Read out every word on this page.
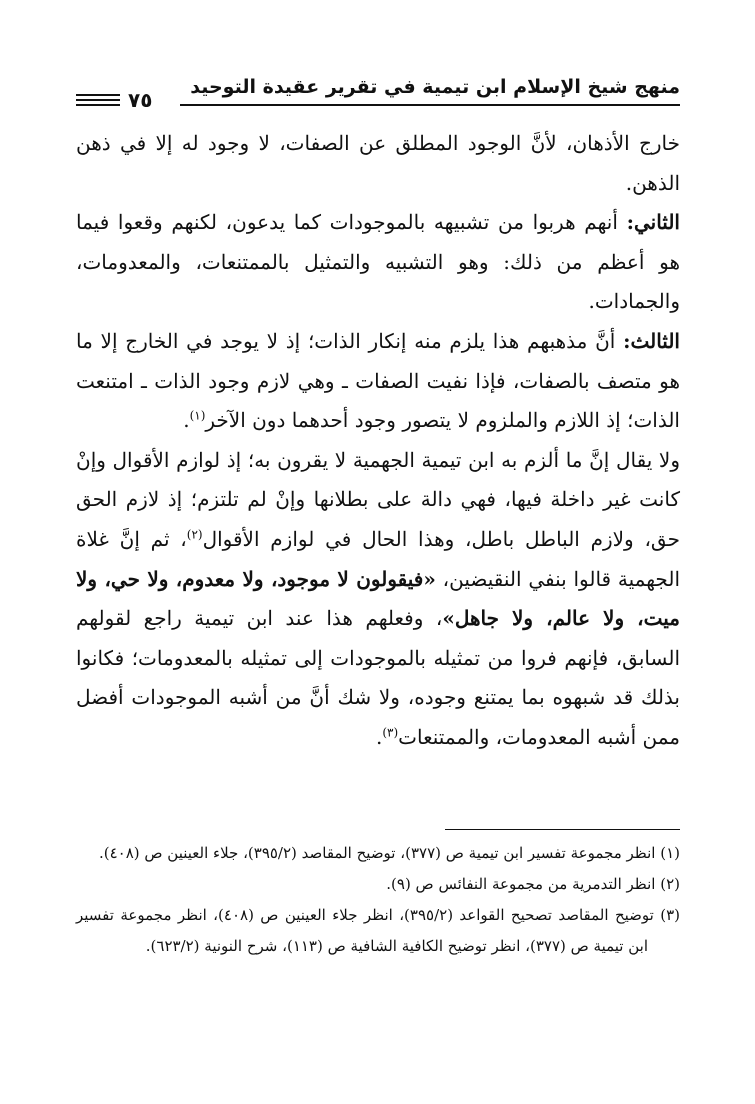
منهج شيخ الإسلام ابن تيمية في تقرير عقيدة التوحيد
٧٥

خارج الأذهان، لأنَّ الوجود المطلق عن الصفات، لا وجود له إلا في ذهن الذهن.

الثاني: أنهم هربوا من تشبيهه بالموجودات كما يدعون، لكنهم وقعوا فيما هو أعظم من ذلك: وهو التشبيه والتمثيل بالممتنعات، والمعدومات، والجمادات.

الثالث: أنَّ مذهبهم هذا يلزم منه إنكار الذات؛ إذ لا يوجد في الخارج إلا ما هو متصف بالصفات، فإذا نفيت الصفات ـ وهي لازم وجود الذات ـ امتنعت الذات؛ إذ اللازم والملزوم لا يتصور وجود أحدهما دون الآخر$^{(١)}$.

ولا يقال إنَّ ما ألزم به ابن تيمية الجهمية لا يقرون به؛ إذ لوازم الأقوال وإنْ كانت غير داخلة فيها، فهي دالة على بطلانها وإنْ لم تلتزم؛ إذ لازم الحق حق، ولازم الباطل باطل، وهذا الحال في لوازم الأقوال$^{(٢)}$، ثم إنَّ غلاة الجهمية قالوا بنفي النقيضين، «فيقولون لا موجود، ولا معدوم، ولا حي، ولا ميت، ولا عالم، ولا جاهل»، وفعلهم هذا عند ابن تيمية راجع لقولهم السابق، فإنهم فروا من تمثيله بالموجودات إلى تمثيله بالمعدومات؛ فكانوا بذلك قد شبهوه بما يمتنع وجوده، ولا شك أنَّ من أشبه الموجودات أفضل ممن أشبه المعدومات، والممتنعات$^{(٣)}$.

(١) انظر مجموعة تفسير ابن تيمية ص (٣٧٧)، توضيح المقاصد (٣٩٥/٢)، جلاء العينين ص (٤٠٨).

(٢) انظر التدمرية من مجموعة النفائس ص (٩).

(٣) توضيح المقاصد تصحيح القواعد (٣٩٥/٢)، انظر جلاء العينين ص (٤٠٨)، انظر مجموعة تفسير ابن تيمية ص (٣٧٧)، انظر توضيح الكافية الشافية ص (١١٣)، شرح النونية (٦٢٣/٢).
